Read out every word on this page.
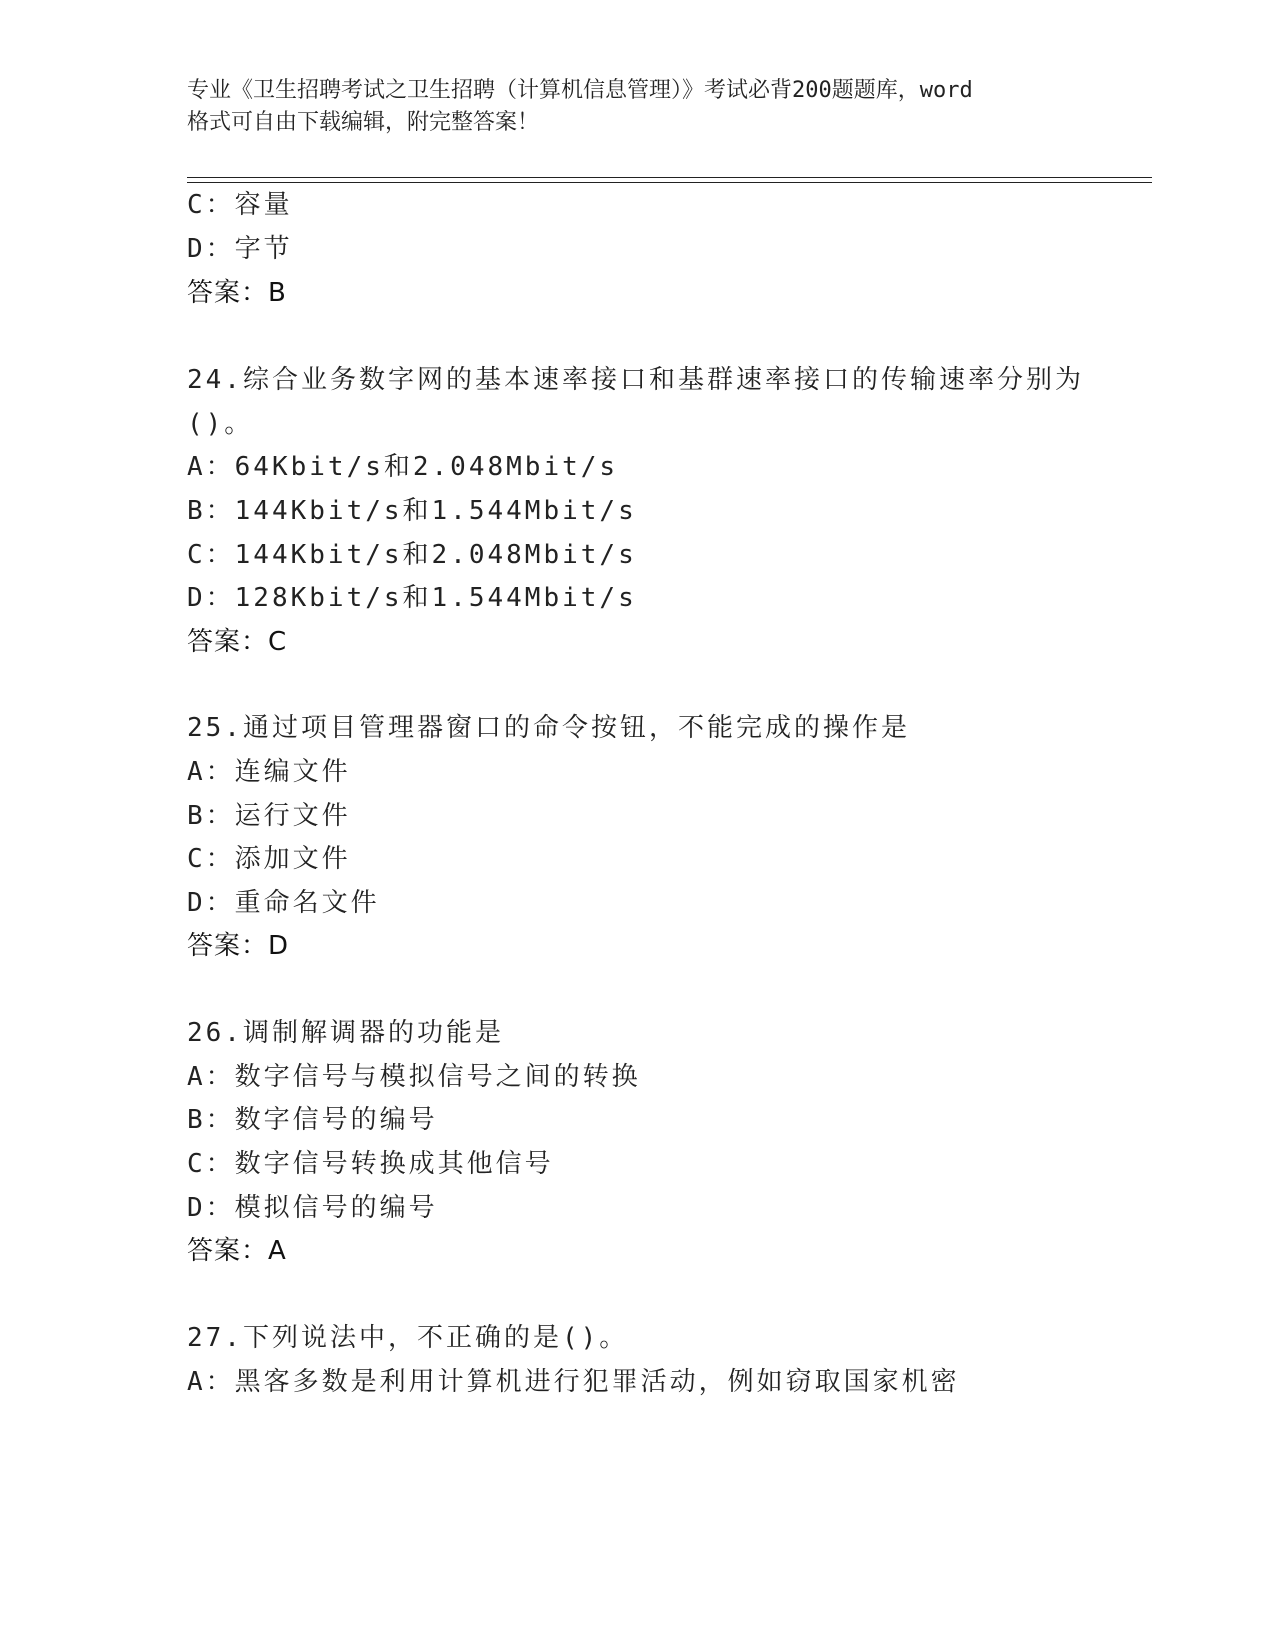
专业《卫生招聘考试之卫生招聘（计算机信息管理）》考试必背200题题库，word
格式可自由下载编辑，附完整答案！
C：容量
D：字节
答案：B
24.综合业务数字网的基本速率接口和基群速率接口的传输速率分别为
()。
A：64Kbit/s和2.048Mbit/s
B：144Kbit/s和1.544Mbit/s
C：144Kbit/s和2.048Mbit/s
D：128Kbit/s和1.544Mbit/s
答案：C
25.通过项目管理器窗口的命令按钮，不能完成的操作是
A：连编文件
B：运行文件
C：添加文件
D：重命名文件
答案：D
26.调制解调器的功能是
A：数字信号与模拟信号之间的转换
B：数字信号的编号
C：数字信号转换成其他信号
D：模拟信号的编号
答案：A
27.下列说法中，不正确的是()。
A：黑客多数是利用计算机进行犯罪活动，例如窃取国家机密
